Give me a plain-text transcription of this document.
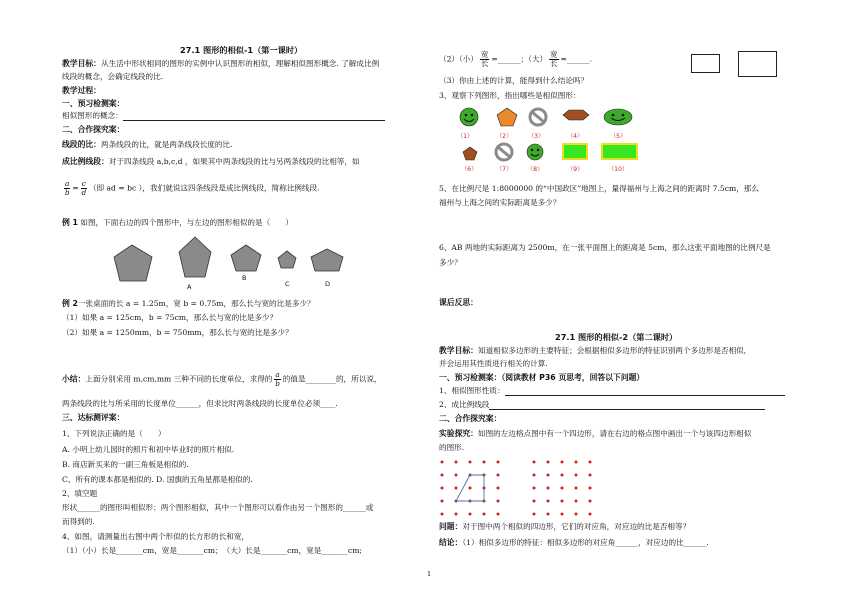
27.1 图形的相似-1（第一课时）
教学目标：从生活中形状相同的图形的实例中认识图形的相似，理解相似图形概念. 了解成比例
线段的概念，会确定线段的比.
教学过程：
一、预习检测案：
相似图形的概念：
二、合作探究案：
线段的比：两条线段的比，就是两条线段长度的比.
成比例线段：对于四条线段 a,b,c,d ，如果其中两条线段的比与另两条线段的比相等，如
$\frac{a}{b} = \frac{c}{d}$ （即 ad = bc ），我们就说这四条线段是成比例线段，简称比例线段.
例 1 如图，下面右边的四个图形中，与左边的图形相似的是（　　）
A
B
C	D
例 2一张桌面的长 a = 1.25m，宽 b = 0.75m，那么长与宽的比是多少？
（1）如果 a = 125cm，b = 75cm，那么长与宽的比是多少？
（2）如果 a = 1250mm，b = 750mm，那么长与宽的比是多少？
小结：上面分别采用 m,cm,mm 三种不同的长度单位，求得的 $\frac{a}{b}$ 的值是________的，所以说，
两条线段的比与所采用的长度单位______，但求比时两条线段的长度单位必须____.
三、达标测评案：
1、下列说法正确的是（　　）
A. 小明上幼儿园时的照片和初中毕业时的照片相似.
B. 商店新买来的一副三角板是相似的.
C、所有的课本都是相似的. D. 国旗的五角星都是相似的.
2、填空题
形状______的图形叫相似形；两个图形相似，其中一个图形可以看作由另一个图形的______或
而得到的.
4、如图，请测量出右图中两个形似的长方形的长和宽，
（1）（小）长是_______cm，宽是_______cm；　（大）长是_______cm，宽是_______cm;
（2）（小） $\frac{\text{宽}}{\text{长}}$ =______；（大） $\frac{\text{宽}}{\text{长}}$ =______.
（3）你由上述的计算，能得到什么结论吗？
3、观察下列图形，指出哪些是相似图形：
（1）	（2）	（3）	（4）	（5）
（6）	（7） （8）	（9）	（10）
5、在比例尺是 1:8000000 的“中国政区”地图上，量得福州与上海之间的距离时 7.5cm，那么
福州与上海之间的实际距离是多少？
6、AB 两地的实际距离为 2500m，在一张平面图上的距离是 5cm，那么这张平面地图的比例尺是
多少？
课后反思：
27.1 图形的相似-2（第二课时）
教学目标：知道相似多边形的主要特征；会根据相似多边形的特征识别两个多边形是否相似,
并会运用其性质进行相关的计算.
一、预习检测案：（阅读教材 P36 页思考，回答以下问题）
1、相似图形性质：
2、成比例线段
二、合作探究案：
实验探究：如图的左边格点图中有一个四边形，请在右边的格点图中画出一个与该四边形相似
的图形.
问题：对于图中两个相似的四边形，它们的对应角，对应边的比是否相等？
结论：（1）相似多边形的特征：相似多边形的对应角______，对应边的比______.
1
